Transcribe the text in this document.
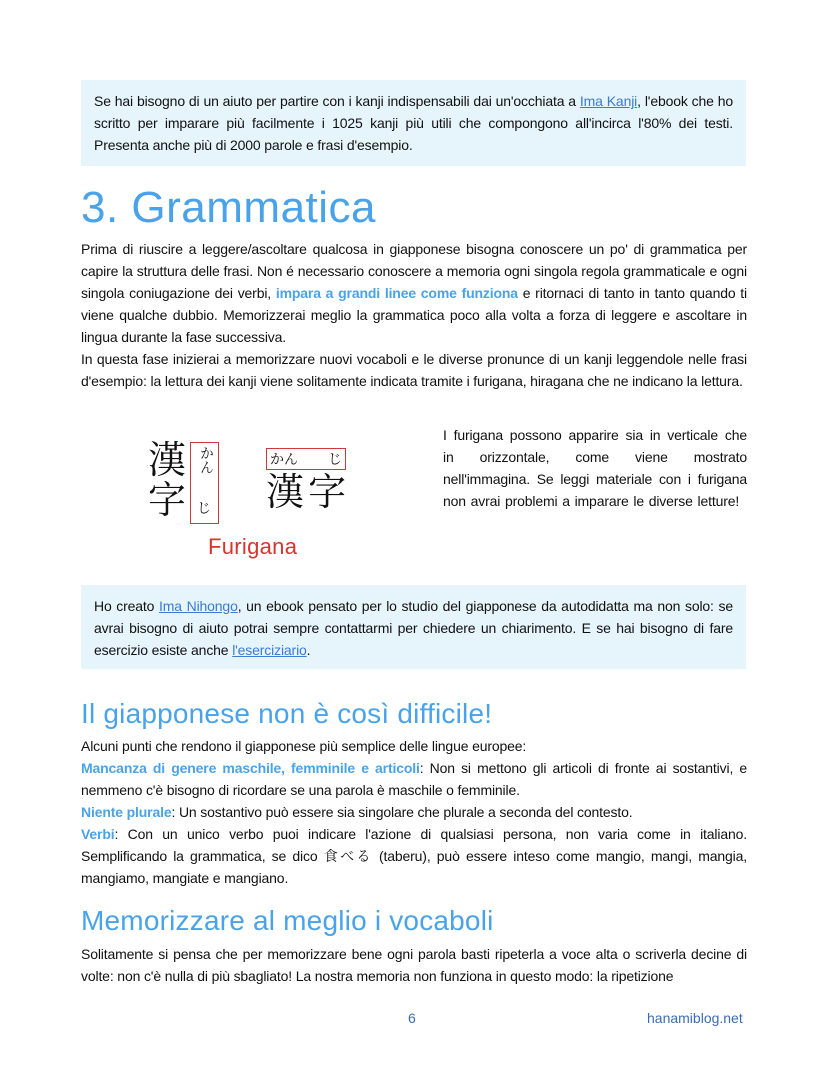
Se hai bisogno di un aiuto per partire con i kanji indispensabili dai un'occhiata a Ima Kanji, l'ebook che ho scritto per imparare più facilmente i 1025 kanji più utili che compongono all'incirca l'80% dei testi. Presenta anche più di 2000 parole e frasi d'esempio.

3. Grammatica

Prima di riuscire a leggere/ascoltare qualcosa in giapponese bisogna conoscere un po' di grammatica per capire la struttura delle frasi. Non é necessario conoscere a memoria ogni singola regola grammaticale e ogni singola coniugazione dei verbi, impara a grandi linee come funziona e ritornaci di tanto in tanto quando ti viene qualche dubbio. Memorizzerai meglio la grammatica poco alla volta a forza di leggere e ascoltare in lingua durante la fase successiva.

In questa fase inizierai a memorizzare nuovi vocaboli e le diverse pronunce di un kanji leggendole nelle frasi d'esempio: la lettura dei kanji viene solitamente indicata tramite i furigana, hiragana che ne indicano la lettura.

漢
字
かん
じ
かん じ
漢 字
Furigana

I furigana possono apparire sia in verticale che in orizzontale, come viene mostrato nell'immagina. Se leggi materiale con i furigana non avrai problemi a imparare le diverse letture!

Ho creato Ima Nihongo, un ebook pensato per lo studio del giapponese da autodidatta ma non solo: se avrai bisogno di aiuto potrai sempre contattarmi per chiedere un chiarimento. E se hai bisogno di fare esercizio esiste anche l'eserciziario.

Il giapponese non è così difficile!

Alcuni punti che rendono il giapponese più semplice delle lingue europee:

Mancanza di genere maschile, femminile e articoli: Non si mettono gli articoli di fronte ai sostantivi, e nemmeno c'è bisogno di ricordare se una parola è maschile o femminile.

Niente plurale: Un sostantivo può essere sia singolare che plurale a seconda del contesto.

Verbi: Con un unico verbo puoi indicare l'azione di qualsiasi persona, non varia come in italiano. Semplificando la grammatica, se dico 食べる (taberu), può essere inteso come mangio, mangi, mangia, mangiamo, mangiate e mangiano.

Memorizzare al meglio i vocaboli

Solitamente si pensa che per memorizzare bene ogni parola basti ripeterla a voce alta o scriverla decine di volte: non c'è nulla di più sbagliato! La nostra memoria non funziona in questo modo: la ripetizione

6	hanamiblog.net
